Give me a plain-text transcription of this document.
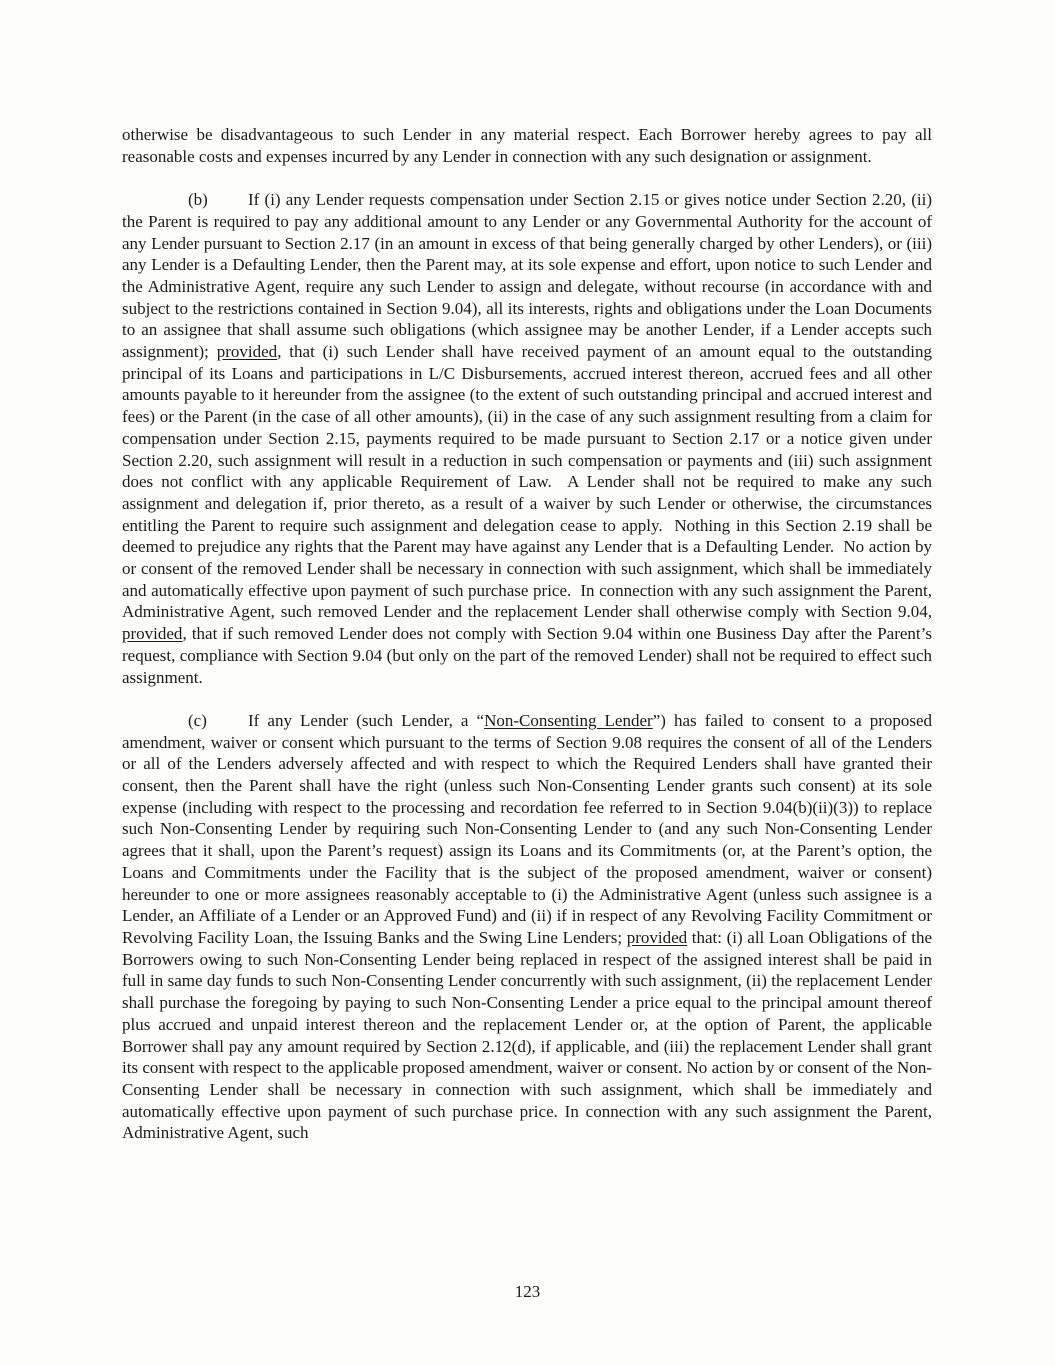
otherwise be disadvantageous to such Lender in any material respect. Each Borrower hereby agrees to pay all reasonable costs and expenses incurred by any Lender in connection with any such designation or assignment.

(b) If (i) any Lender requests compensation under Section 2.15 or gives notice under Section 2.20, (ii) the Parent is required to pay any additional amount to any Lender or any Governmental Authority for the account of any Lender pursuant to Section 2.17 (in an amount in excess of that being generally charged by other Lenders), or (iii) any Lender is a Defaulting Lender, then the Parent may, at its sole expense and effort, upon notice to such Lender and the Administrative Agent, require any such Lender to assign and delegate, without recourse (in accordance with and subject to the restrictions contained in Section 9.04), all its interests, rights and obligations under the Loan Documents to an assignee that shall assume such obligations (which assignee may be another Lender, if a Lender accepts such assignment); provided, that (i) such Lender shall have received payment of an amount equal to the outstanding principal of its Loans and participations in L/C Disbursements, accrued interest thereon, accrued fees and all other amounts payable to it hereunder from the assignee (to the extent of such outstanding principal and accrued interest and fees) or the Parent (in the case of all other amounts), (ii) in the case of any such assignment resulting from a claim for compensation under Section 2.15, payments required to be made pursuant to Section 2.17 or a notice given under Section 2.20, such assignment will result in a reduction in such compensation or payments and (iii) such assignment does not conflict with any applicable Requirement of Law.  A Lender shall not be required to make any such assignment and delegation if, prior thereto, as a result of a waiver by such Lender or otherwise, the circumstances entitling the Parent to require such assignment and delegation cease to apply.  Nothing in this Section 2.19 shall be deemed to prejudice any rights that the Parent may have against any Lender that is a Defaulting Lender.  No action by or consent of the removed Lender shall be necessary in connection with such assignment, which shall be immediately and automatically effective upon payment of such purchase price.  In connection with any such assignment the Parent, Administrative Agent, such removed Lender and the replacement Lender shall otherwise comply with Section 9.04, provided, that if such removed Lender does not comply with Section 9.04 within one Business Day after the Parent’s request, compliance with Section 9.04 (but only on the part of the removed Lender) shall not be required to effect such assignment.

(c) If any Lender (such Lender, a “Non-Consenting Lender”) has failed to consent to a proposed amendment, waiver or consent which pursuant to the terms of Section 9.08 requires the consent of all of the Lenders or all of the Lenders adversely affected and with respect to which the Required Lenders shall have granted their consent, then the Parent shall have the right (unless such Non-Consenting Lender grants such consent) at its sole expense (including with respect to the processing and recordation fee referred to in Section 9.04(b)(ii)(3)) to replace such Non-Consenting Lender by requiring such Non-Consenting Lender to (and any such Non-Consenting Lender agrees that it shall, upon the Parent’s request) assign its Loans and its Commitments (or, at the Parent’s option, the Loans and Commitments under the Facility that is the subject of the proposed amendment, waiver or consent) hereunder to one or more assignees reasonably acceptable to (i) the Administrative Agent (unless such assignee is a Lender, an Affiliate of a Lender or an Approved Fund) and (ii) if in respect of any Revolving Facility Commitment or Revolving Facility Loan, the Issuing Banks and the Swing Line Lenders; provided that: (i) all Loan Obligations of the Borrowers owing to such Non-Consenting Lender being replaced in respect of the assigned interest shall be paid in full in same day funds to such Non-Consenting Lender concurrently with such assignment, (ii) the replacement Lender shall purchase the foregoing by paying to such Non-Consenting Lender a price equal to the principal amount thereof plus accrued and unpaid interest thereon and the replacement Lender or, at the option of Parent, the applicable Borrower shall pay any amount required by Section 2.12(d), if applicable, and (iii) the replacement Lender shall grant its consent with respect to the applicable proposed amendment, waiver or consent. No action by or consent of the Non-Consenting Lender shall be necessary in connection with such assignment, which shall be immediately and automatically effective upon payment of such purchase price. In connection with any such assignment the Parent, Administrative Agent, such

123
